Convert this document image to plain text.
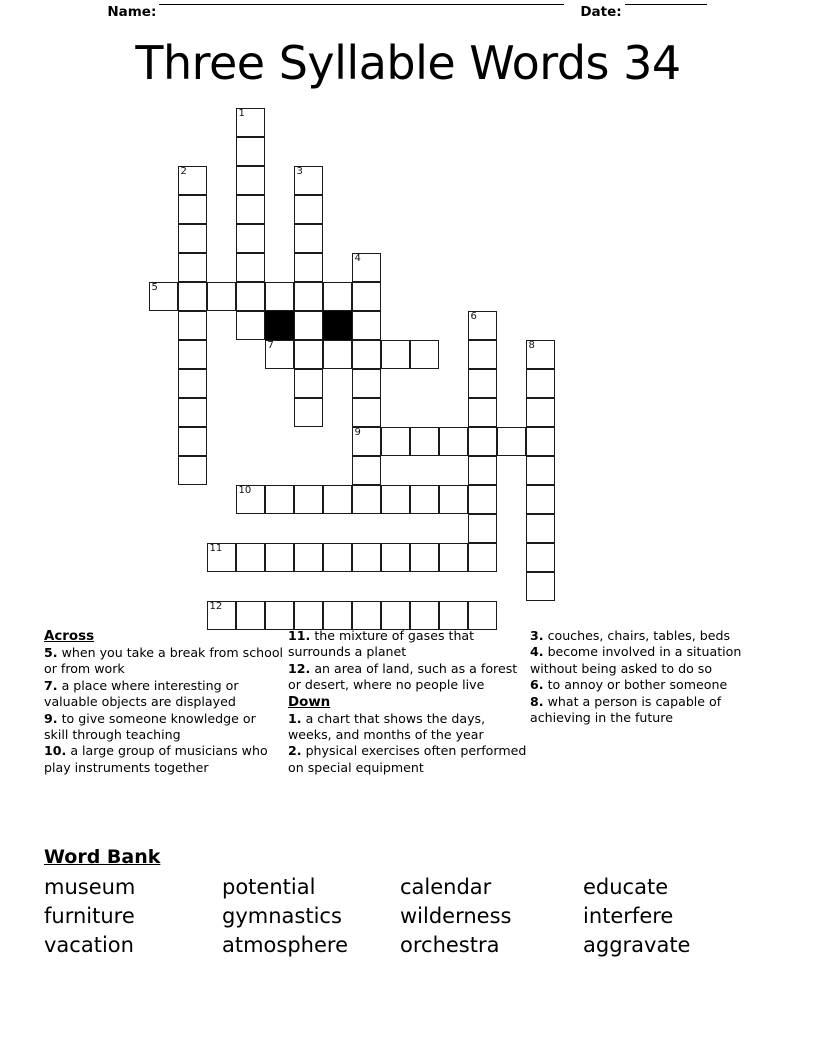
Name:	Date:
Three Syllable Words 34
1
2	3
4
5
6
7	8
9
10
11
12
Across
5. when you take a break from school or from work
7. a place where interesting or valuable objects are displayed
9. to give someone knowledge or skill through teaching
10. a large group of musicians who play instruments together
11. the mixture of gases that surrounds a planet
12. an area of land, such as a forest or desert, where no people live
Down
1. a chart that shows the days, weeks, and months of the year
2. physical exercises often performed on special equipment
3. couches, chairs, tables, beds
4. become involved in a situation without being asked to do so
6. to annoy or bother someone
8. what a person is capable of achieving in the future
Word Bank
museum	potential	calendar	educate
furniture	gymnastics	wilderness	interfere
vacation	atmosphere	orchestra	aggravate
